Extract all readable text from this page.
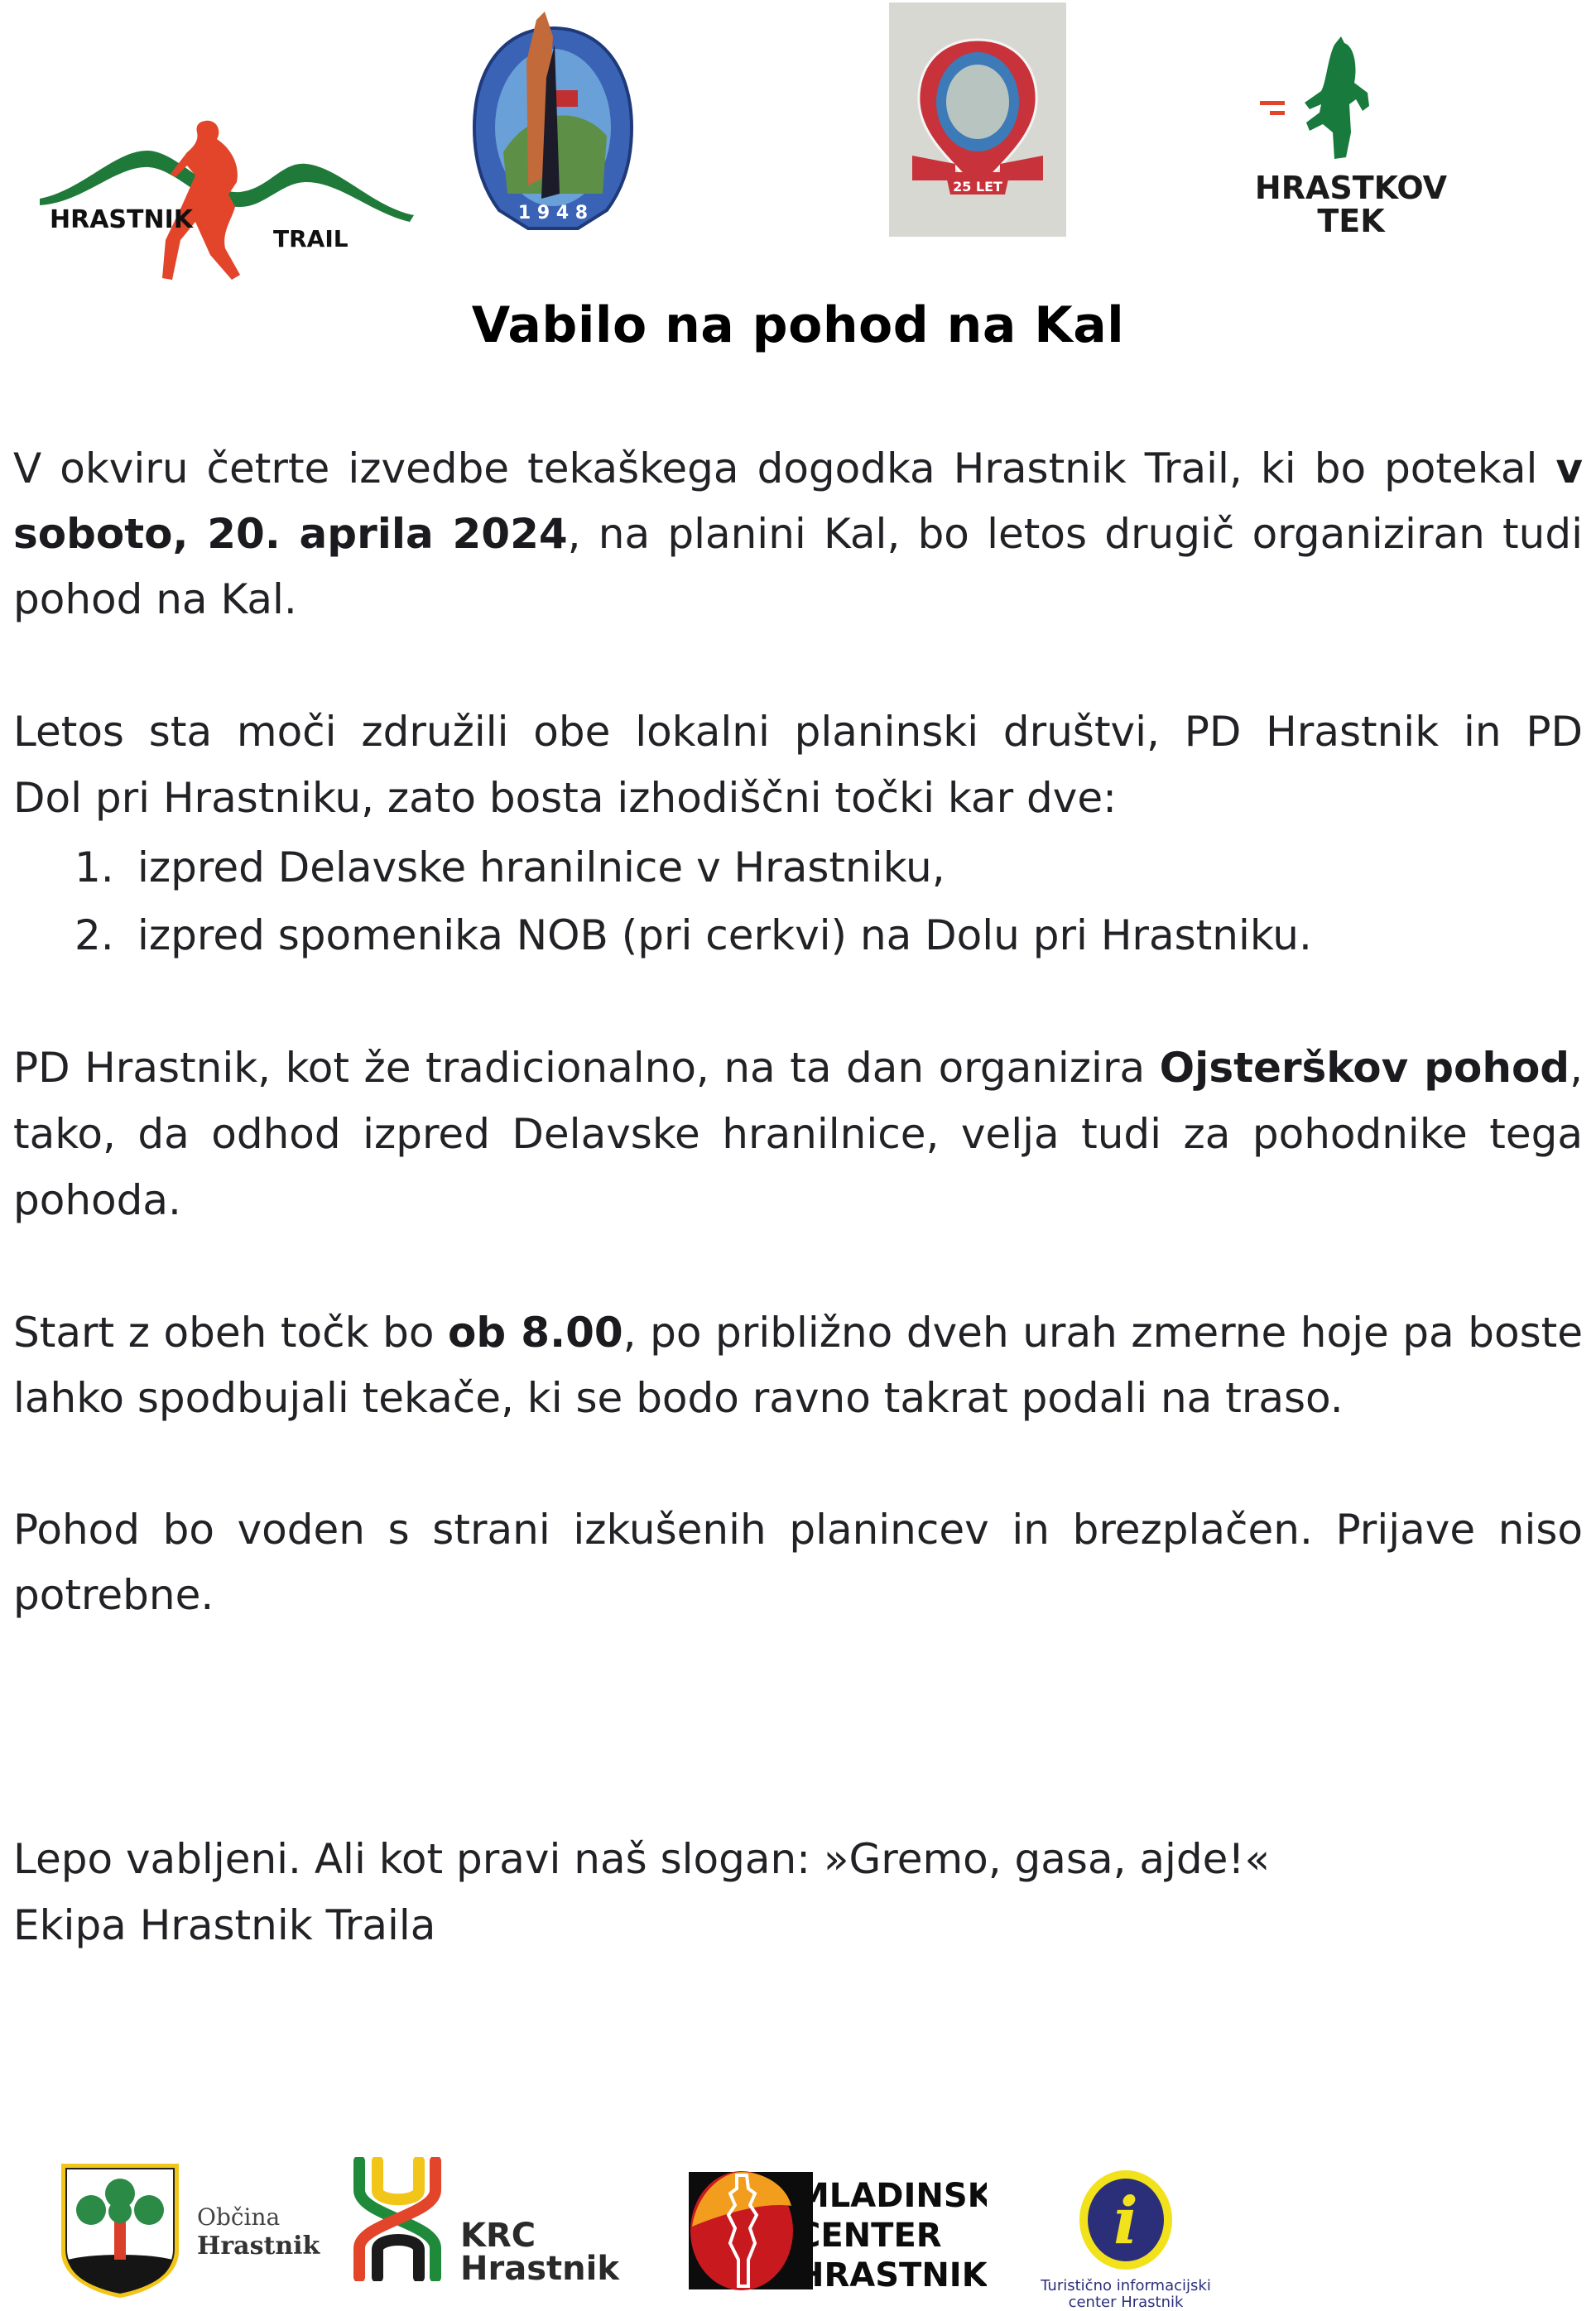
HRASTNIK
TRAIL
1 9 4 8
25 LET	HRASTKOV
TEK
Vabilo na pohod na Kal
V okviru četrte izvedbe tekaškega dogodka Hrastnik Trail, ki bo potekal v
soboto, 20. aprila 2024, na planini Kal, bo letos drugič organiziran tudi
pohod na Kal.
Letos sta moči združili obe lokalni planinski društvi, PD Hrastnik in PD
Dol pri Hrastniku, zato bosta izhodiščni točki kar dve:
1. izpred Delavske hranilnice v Hrastniku,
2. izpred spomenika NOB (pri cerkvi) na Dolu pri Hrastniku.
PD Hrastnik, kot že tradicionalno, na ta dan organizira Ojsterškov pohod,
tako, da odhod izpred Delavske hranilnice, velja tudi za pohodnike tega
pohoda.
Start z obeh točk bo ob 8.00, po približno dveh urah zmerne hoje pa boste
lahko spodbujali tekače, ki se bodo ravno takrat podali na traso.
Pohod bo voden s strani izkušenih planincev in brezplačen. Prijave niso
potrebne.
Lepo vabljeni. Ali kot pravi naš slogan: »Gremo, gasa, ajde!«
Ekipa Hrastnik Traila
Občina
Hrastnik	KRC
Hrastnik
MLADINSKI
CENTER
HRASTNIK
i
Turistično informacijski
center Hrastnik
